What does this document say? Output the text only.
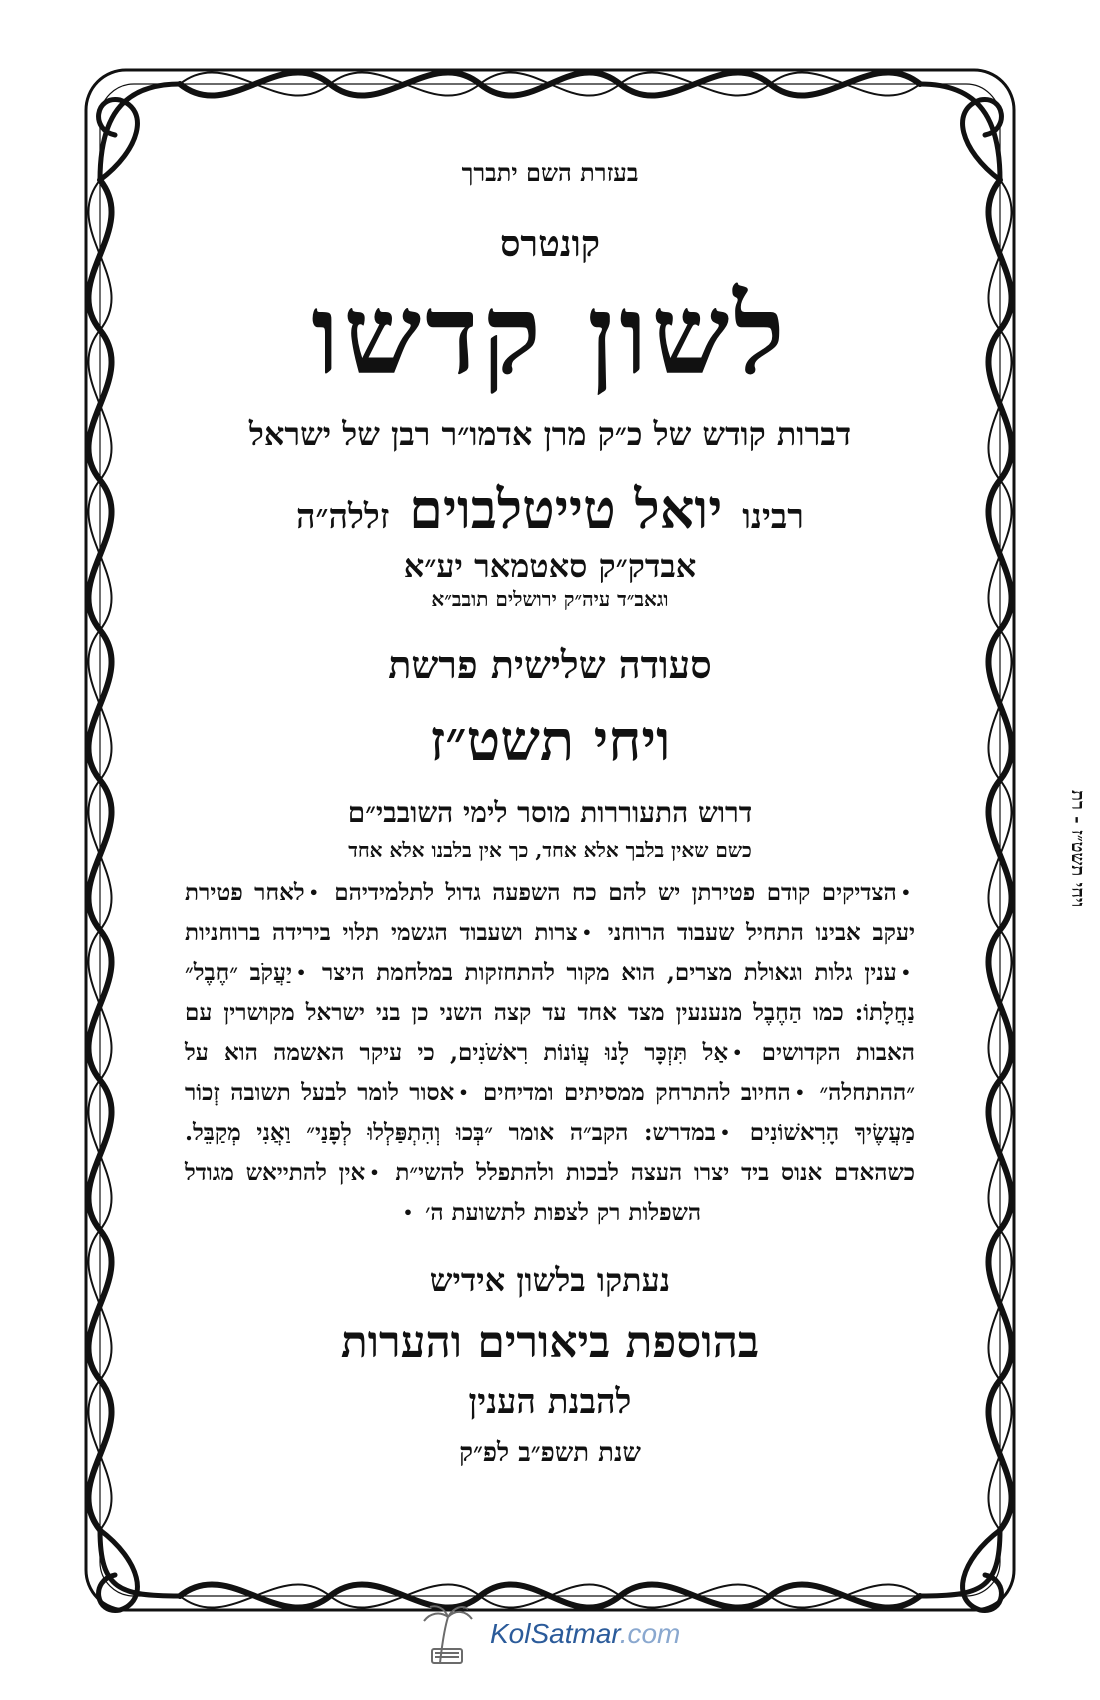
בעזרת השם יתברך
קונטרס
לשון קדשו
דברות קודש של כ״ק מרן אדמו״ר רבן של ישראל
רבינו יואל טייטלבוים זללה״ה
אבדק״ק סאטמאר יע״א
וגאב״ד עיה״ק ירושלים תובב״א
סעודה שלישית פרשת
ויחי תשט״ז
דרוש התעוררות מוסר לימי השובבי״ם
כשם שאין בלבך אלא אחד, כך אין בלבנו אלא אחד
•הצדיקים קודם פטירתן יש להם כח השפעה גדול לתלמידיהם •לאחר פטירת יעקב אבינו התחיל שעבוד הרוחני •צרות ושעבוד הגשמי תלוי בירידה ברוחניות •ענין גלות וגאולת מצרים, הוא מקור להתחזקות במלחמת היצר •יַעֲקֹב ״חֶבֶל״ נַחֲלָתוֹ: כמו הַחֶבֶל מנענעין מצד אחד עד קצה השני כן בני ישראל מקושרין עם האבות הקדושים •אַל תִּזְכָּר לָנוּ עֲוֹנוֹת רִאשֹׁנִים, כי עיקר האשמה הוא על ״ההתחלה״ •החיוב להתרחק ממסיתים ומדיחים •אסור לומר לבעל תשובה זְכוֹר מַעֲשֶׂיךָ הָרִאשׁוֹנִים •במדרש: הקב״ה אומר ״בְּכוּ וְהִתְפַּלְלוּ לְפָנַי״ וַאֲנִי מְקַבֵּל. כשהאדם אנוס ביד יצרו העצה לבכות ולהתפלל להשי״ת •אין להתייאש מגודל השפלות רק לצפות לתשועת ה׳ •
נעתקו בלשון אידיש
בהוספת ביאורים והערות
להבנת הענין
שנת תשפ״ב לפ״ק
ויחי תשט״ז - רת
KolSatmar.com
